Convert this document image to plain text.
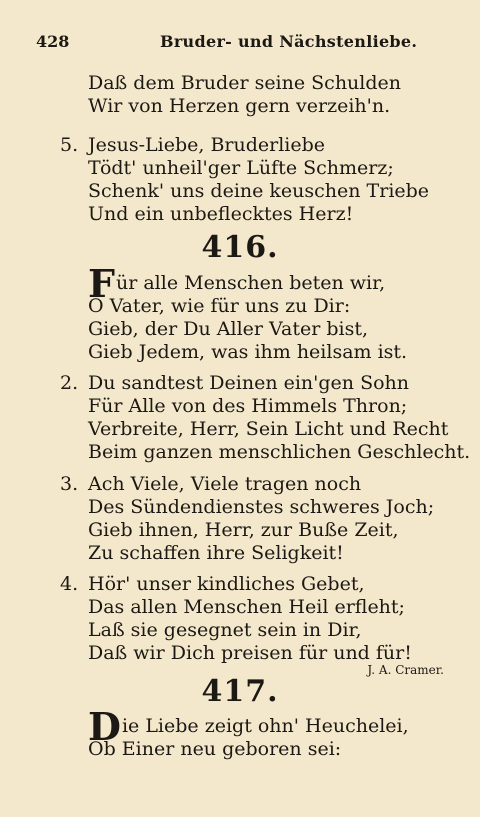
428	Bruder- und Nächstenliebe.
Daß dem Bruder seine Schulden
Wir von Herzen gern verzeih'n.
5. Jesus-Liebe, Bruderliebe
Tödt' unheil'ger Lüfte Schmerz;
Schenk' uns deine keuschen Triebe
Und ein unbeflecktes Herz!
416.
Für alle Menschen beten wir,
O Vater, wie für uns zu Dir:
Gieb, der Du Aller Vater bist,
Gieb Jedem, was ihm heilsam ist.
2. Du sandtest Deinen ein'gen Sohn
Für Alle von des Himmels Thron;
Verbreite, Herr, Sein Licht und Recht
Beim ganzen menschlichen Geschlecht.
3. Ach Viele, Viele tragen noch
Des Sündendienstes schweres Joch;
Gieb ihnen, Herr, zur Buße Zeit,
Zu schaffen ihre Seligkeit!
4. Hör' unser kindliches Gebet,
Das allen Menschen Heil erfleht;
Laß sie gesegnet sein in Dir,
Daß wir Dich preisen für und für!
J. A. Cramer.
417.
Die Liebe zeigt ohn' Heuchelei,
Ob Einer neu geboren sei:
